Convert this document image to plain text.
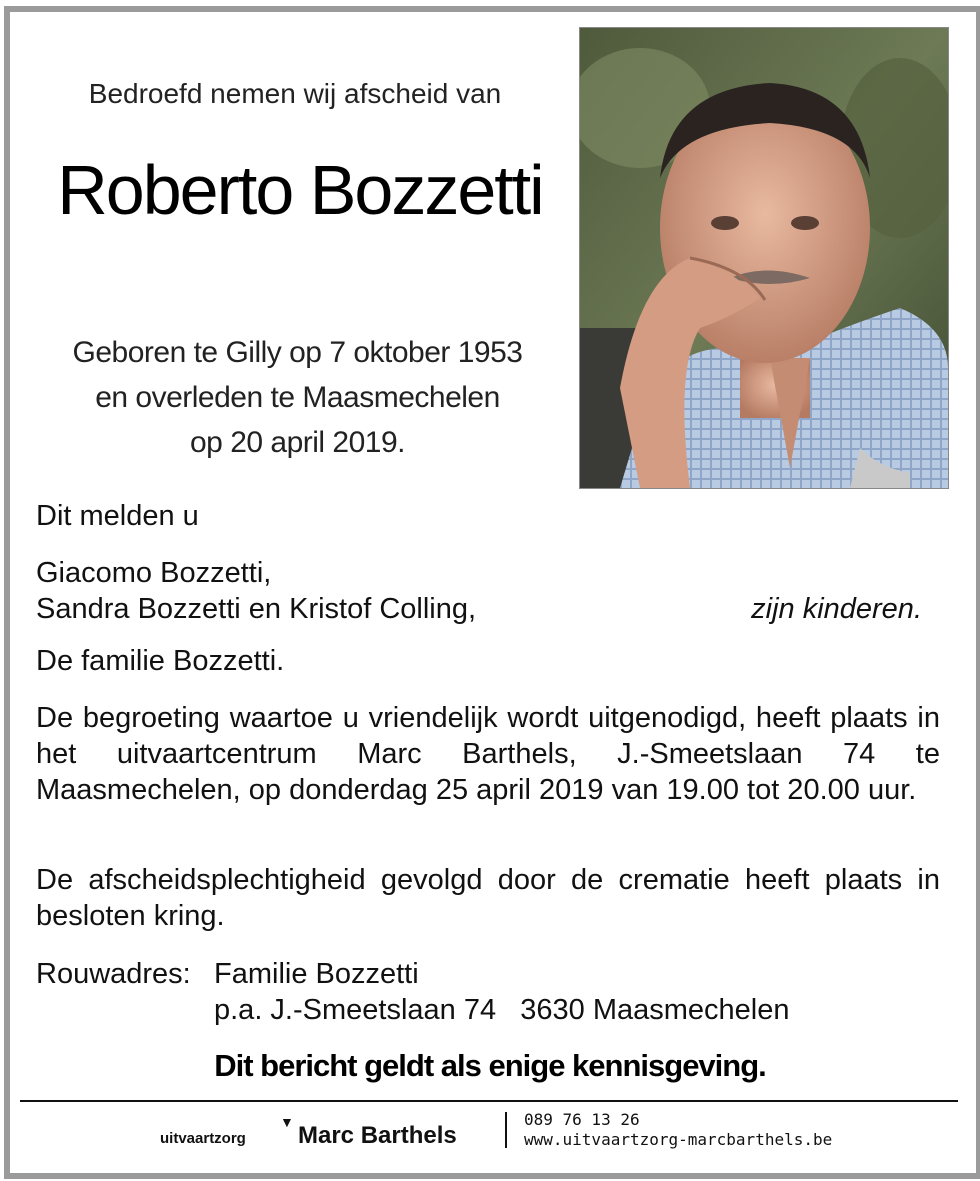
Bedroefd nemen wij afscheid van
Roberto Bozzetti
Geboren te Gilly op 7 oktober 1953
en overleden te Maasmechelen
op 20 april 2019.
Dit melden u
Giacomo Bozzetti,
Sandra Bozzetti en Kristof Colling,	zijn kinderen.
De familie Bozzetti.
De begroeting waartoe u vriendelijk wordt uitgenodigd, heeft plaats in het uitvaartcentrum Marc Barthels, J.-Smeetslaan 74 te Maasmechelen, op donderdag 25 april 2019 van 19.00 tot 20.00 uur.
De afscheidsplechtigheid gevolgd door de crematie heeft plaats in besloten kring.
Rouwadres: Familie Bozzetti
p.a. J.-Smeetslaan 74   3630 Maasmechelen
Dit bericht geldt als enige kennisgeving.
uitvaartzorg
▼ Marc Barthels
089 76 13 26
www.uitvaartzorg-marcbarthels.be
